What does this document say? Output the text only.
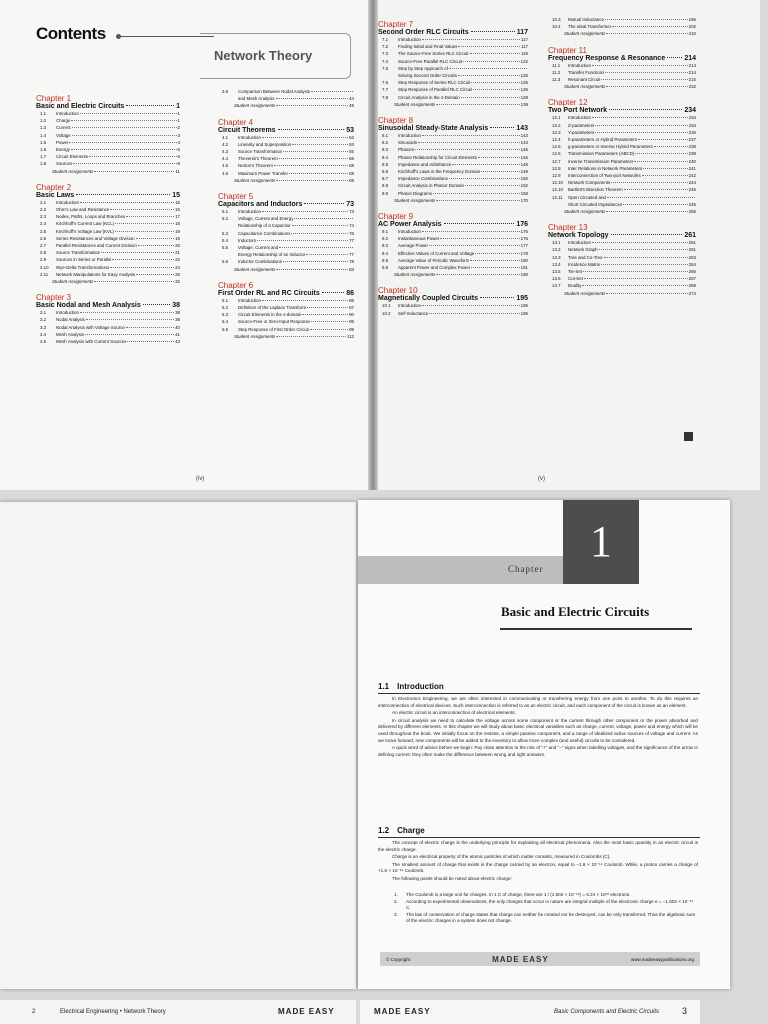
Contents
Network Theory
Chapter 1
Basic and Electric Circuits	1
1.1	Introduction	1
1.2	Charge	1
1.3	Current	2
1.4	Voltage	3
1.5	Power	4
1.6	Energy	5
1.7	Circuit Elements	5
1.8	Sources	8
Student Assignments	11
Chapter 2
Basic Laws	15
2.1	Introduction	15
2.2	Ohm's Law and Resistance	15
2.3	Nodes, Paths, Loops and Branches	17
2.4	Kirchhoff's Current Law (KCL)	18
2.5	Kirchhoff's Voltage Law (KVL)	19
2.6	Series Resistances and Voltage Division	19
2.7	Parallel Resistances and Current Division	20
2.8	Source Transformation	21
2.9	Sources in Series or Parallel	22
2.10	Wye-Delta Transformations	24
2.11	Network Manipulations for Easy Analysis	25
Student Assignments	32
Chapter 3
Basic Nodal and Mesh Analysis	38
3.1	Introduction	38
3.2	Nodal Analysis	38
3.3	Nodal Analysis with Voltage Source	40
3.4	Mesh Analysis	41
3.5	Mesh Analysis with Current Sources	43
3.6	Comparison Between Nodal Analysis
and Mesh Analysis	44
Student Assignments	49
Chapter 4
Circuit Theorems	53
4.1	Introduction	53
4.2	Linearity and Superposition	53
4.3	Source Transformation	55
4.4	Thevenin's Theorem	56
4.5	Norton's Theorem	58
4.6	Maximum Power Transfer	59
Student Assignments	69
Chapter 5
Capacitors and Inductors	73
5.1	Introduction	73
5.2	Voltage, Current and Energy
Relationship of a Capacitor	74
5.3	Capacitance Combinations	76
5.4	Inductors	77
5.5	Voltage, Current and
Energy Relationship of an Inductor	77
5.6	Inductor Combinations	78
Student Assignments	83
Chapter 6
First Order RL and RC Circuits	86
6.1	Introduction	86
6.2	Definition of the Laplace Transform	87
6.3	Circuit Elements in the s-domain	90
6.4	Source-Free or Zero-Input Response	95
6.5	Step Response of First Order Circuit	99
Student Assignments	112
(iv)
Chapter 7
Second Order RLC Circuits	117
7.1	Introduction	117
7.2	Finding Initial and Final Values	117
7.3	The Source-Free Series RLC Circuit	119
7.4	Source-Free Parallel RLC Circuit	122
7.5	Step by Step Approach of
Solving Second Order Circuits	125
7.6	Step Response of Series RLC Circuit	125
7.7	Step Response of Parallel RLC Circuit	126
7.8	Circuit Analysis in the s-Domain	128
Student Assignments	139
Chapter 8
Sinusoidal Steady-State Analysis	143
8.1	Introduction	143
8.2	Sinusoids	143
8.3	Phasors	145
8.4	Phasor Relationship for Circuit Elements	146
8.5	Impedance and Admittance	148
8.6	Kirchhoff's Laws in the Frequency Domain	149
8.7	Impedance Combinations	150
8.8	Circuit Analysis in Phasor Domain	152
8.9	Phasor Diagrams	158
Student Assignments	170
Chapter 9
AC Power Analysis	176
9.1	Introduction	176
9.2	Instantaneous Power	176
9.3	Average Power	177
9.4	Effective Values of Current and Voltage	178
9.5	Average Value of Periodic Waveform	180
9.6	Apparent Power and Complex Power	181
Student Assignments	190
Chapter 10
Magnetically Coupled Circuits	195
10.1	Introduction	195
10.2	Self Inductance	195
10.3	Mutual Inductance	196
10.4	The Ideal Transformer	202
Student Assignments	210
Chapter 11
Frequency Response & Resonance	214
11.1	Introduction	214
11.2	Transfer Functions	214
11.3	Resonant Circuit	215
Student Assignments	232
Chapter 12
Two Port Network	234
12.1	Introduction	234
12.2	Z-parameters	234
12.3	Y-parameters	236
12.4	h-parameters or Hybrid Parameters	237
12.5	g-parameters or Inverse Hybrid Parameters	238
12.6	Transmission Parameters (ABCD)	239
12.7	Inverse Transmission Parameters	240
12.8	Inter Relations in Network Parameters	241
12.9	Interconnection of Two-port Networks	242
12.10	Network Components	244
12.10	Bartlett's Bisection Theorem	245
12.11	Open Circuited and
Short Circuited Impedances	245
Student Assignments	255
Chapter 13
Network Topology	261
13.1	Introduction	261
13.2	Network Graph	261
13.3	Tree and Co-Tree	263
13.4	Incidence Matrix	264
13.5	Tie-Set	266
13.6	Cut-Set	267
13.7	Duality	269
Student Assignments	274
(v)
1
Chapter
Basic and Electric Circuits
1.1 Introduction

In Electronics Engineering, we are often interested in communicating or transferring energy from one point to another. To do this requires an interconnection of electrical devices. Such interconnection is referred to as an electric circuit, and each component of the circuit is known as an element.

An electric circuit is an interconnection of electrical elements.

In circuit analysis we need to calculate the voltage across some component or the current through other component or the power absorbed and delivered by different elements. In this chapter we will study about basic electrical variables such as charge, current, voltage, power and energy which will be used throughout the book. We initially focus on the resistor, a simple passive component, and a range of idealized active sources of voltage and current. As we move forward, new components will be added to the inventory to allow more complex (and useful) circuits to be considered.

A quick word of advice before we begin: Pay close attention to the role of "+" and "−" signs when labelling voltages, and the significance of the arrow in defining current: they often make the difference between wrong and right answers.

1.2 Charge

The concept of electric charge is the underlying principle for explaining all electrical phenomena. Also the most basic quantity in an electric circuit is the electric charge.

Charge is an electrical property of the atomic particles of which matter consists, measured in Coulombs (C).

The smallest amount of charge that exists is the charge carried by an electron, equal to −1.6 × 10⁻¹⁹ Coulomb. While, a proton carries a charge of +1.6 × 10⁻¹⁹ Coulomb.

The following points should be noted about electric charge:

1.	The Coulomb is a large unit for charges. In 1 C of charge, there are 1 / (1.602 × 10⁻¹⁹) = 6.24 × 10¹⁸ electrons.
2.	According to experimental observations, the only charges that occur in nature are integral multiple of the electronic charge e = −1.602 × 10⁻¹⁹ C.
3.	The law of conservation of charge states that charge can neither be created nor be destroyed, can be only transferred. Thus the algebraic sum of the electric charges in a system does not change.
© Copyright	MADE EASY	www.madeeasypublications.org
2	Electrical Engineering • Network Theory	MADE EASY	MADE EASY	Basic Components and Electric Circuits	3
